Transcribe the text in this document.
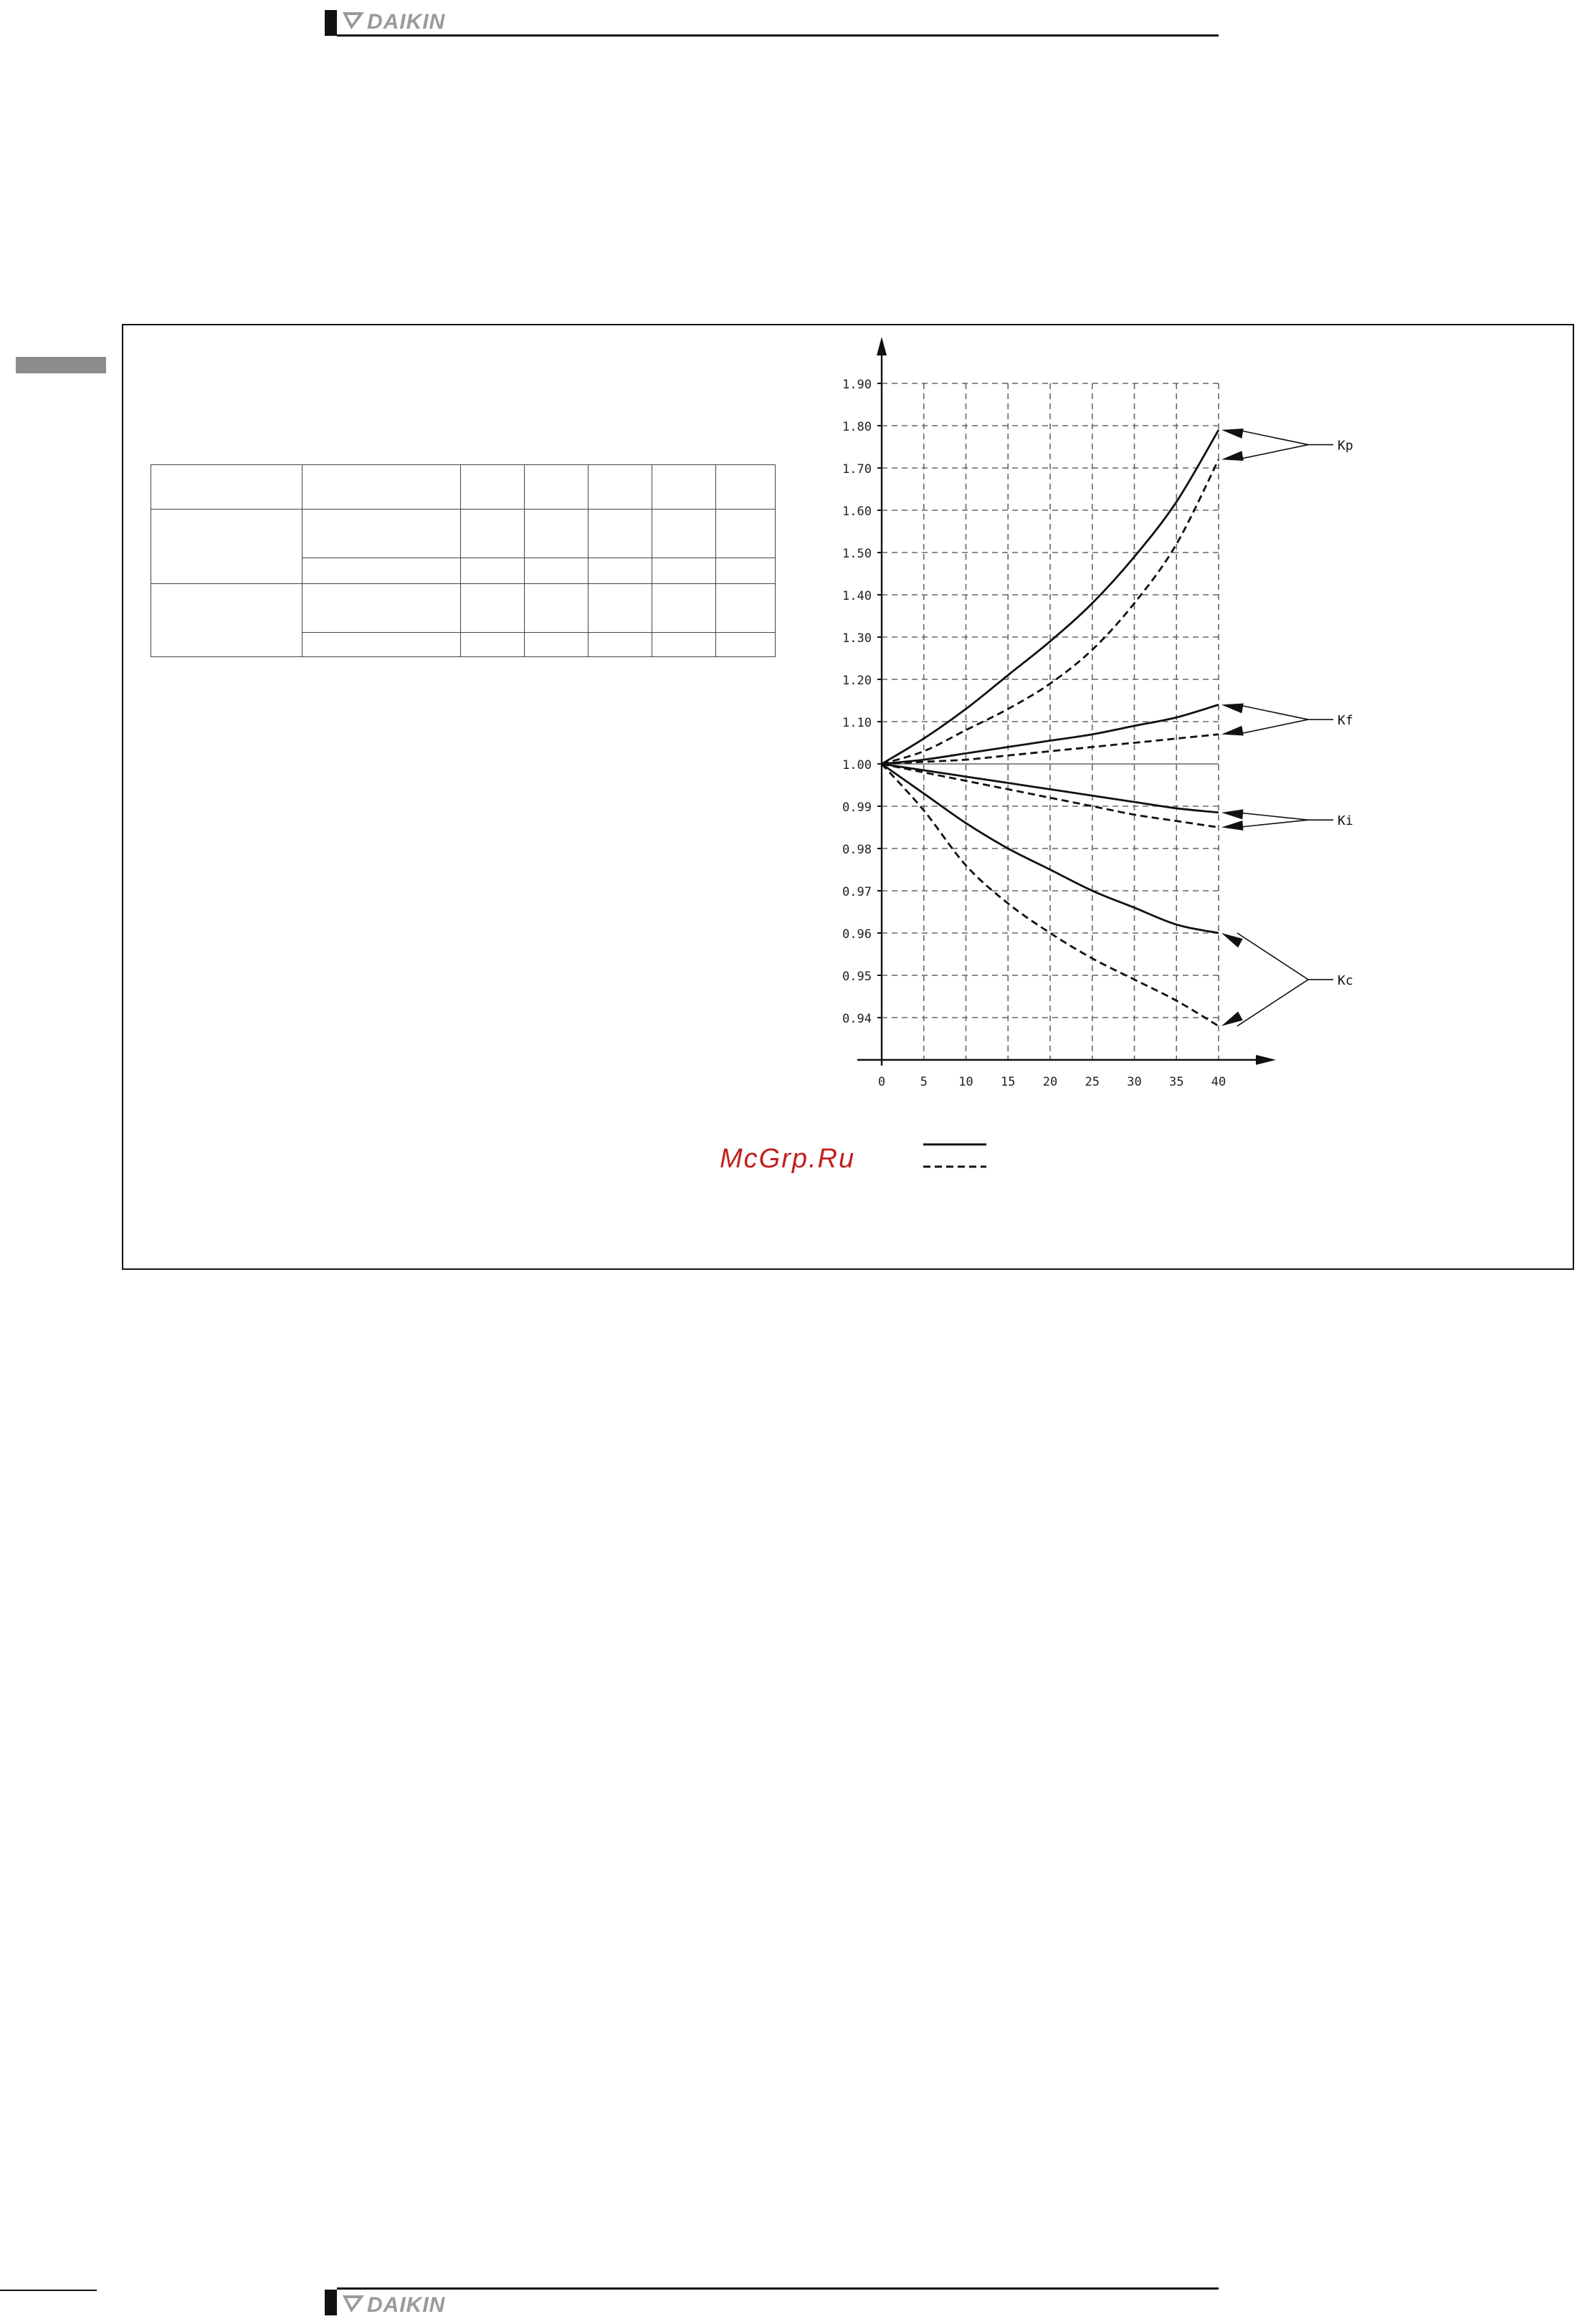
DAIKIN

0.94
0.95
0.96
0.97
0.98
0.99
1.00
1.10
1.20
1.30
1.40
1.50
1.60
1.70
1.80
1.90
0	5	10 15 20 25 30 35 40
Kp
Kf
Ki
Kc
McGrp.Ru
DAIKIN
